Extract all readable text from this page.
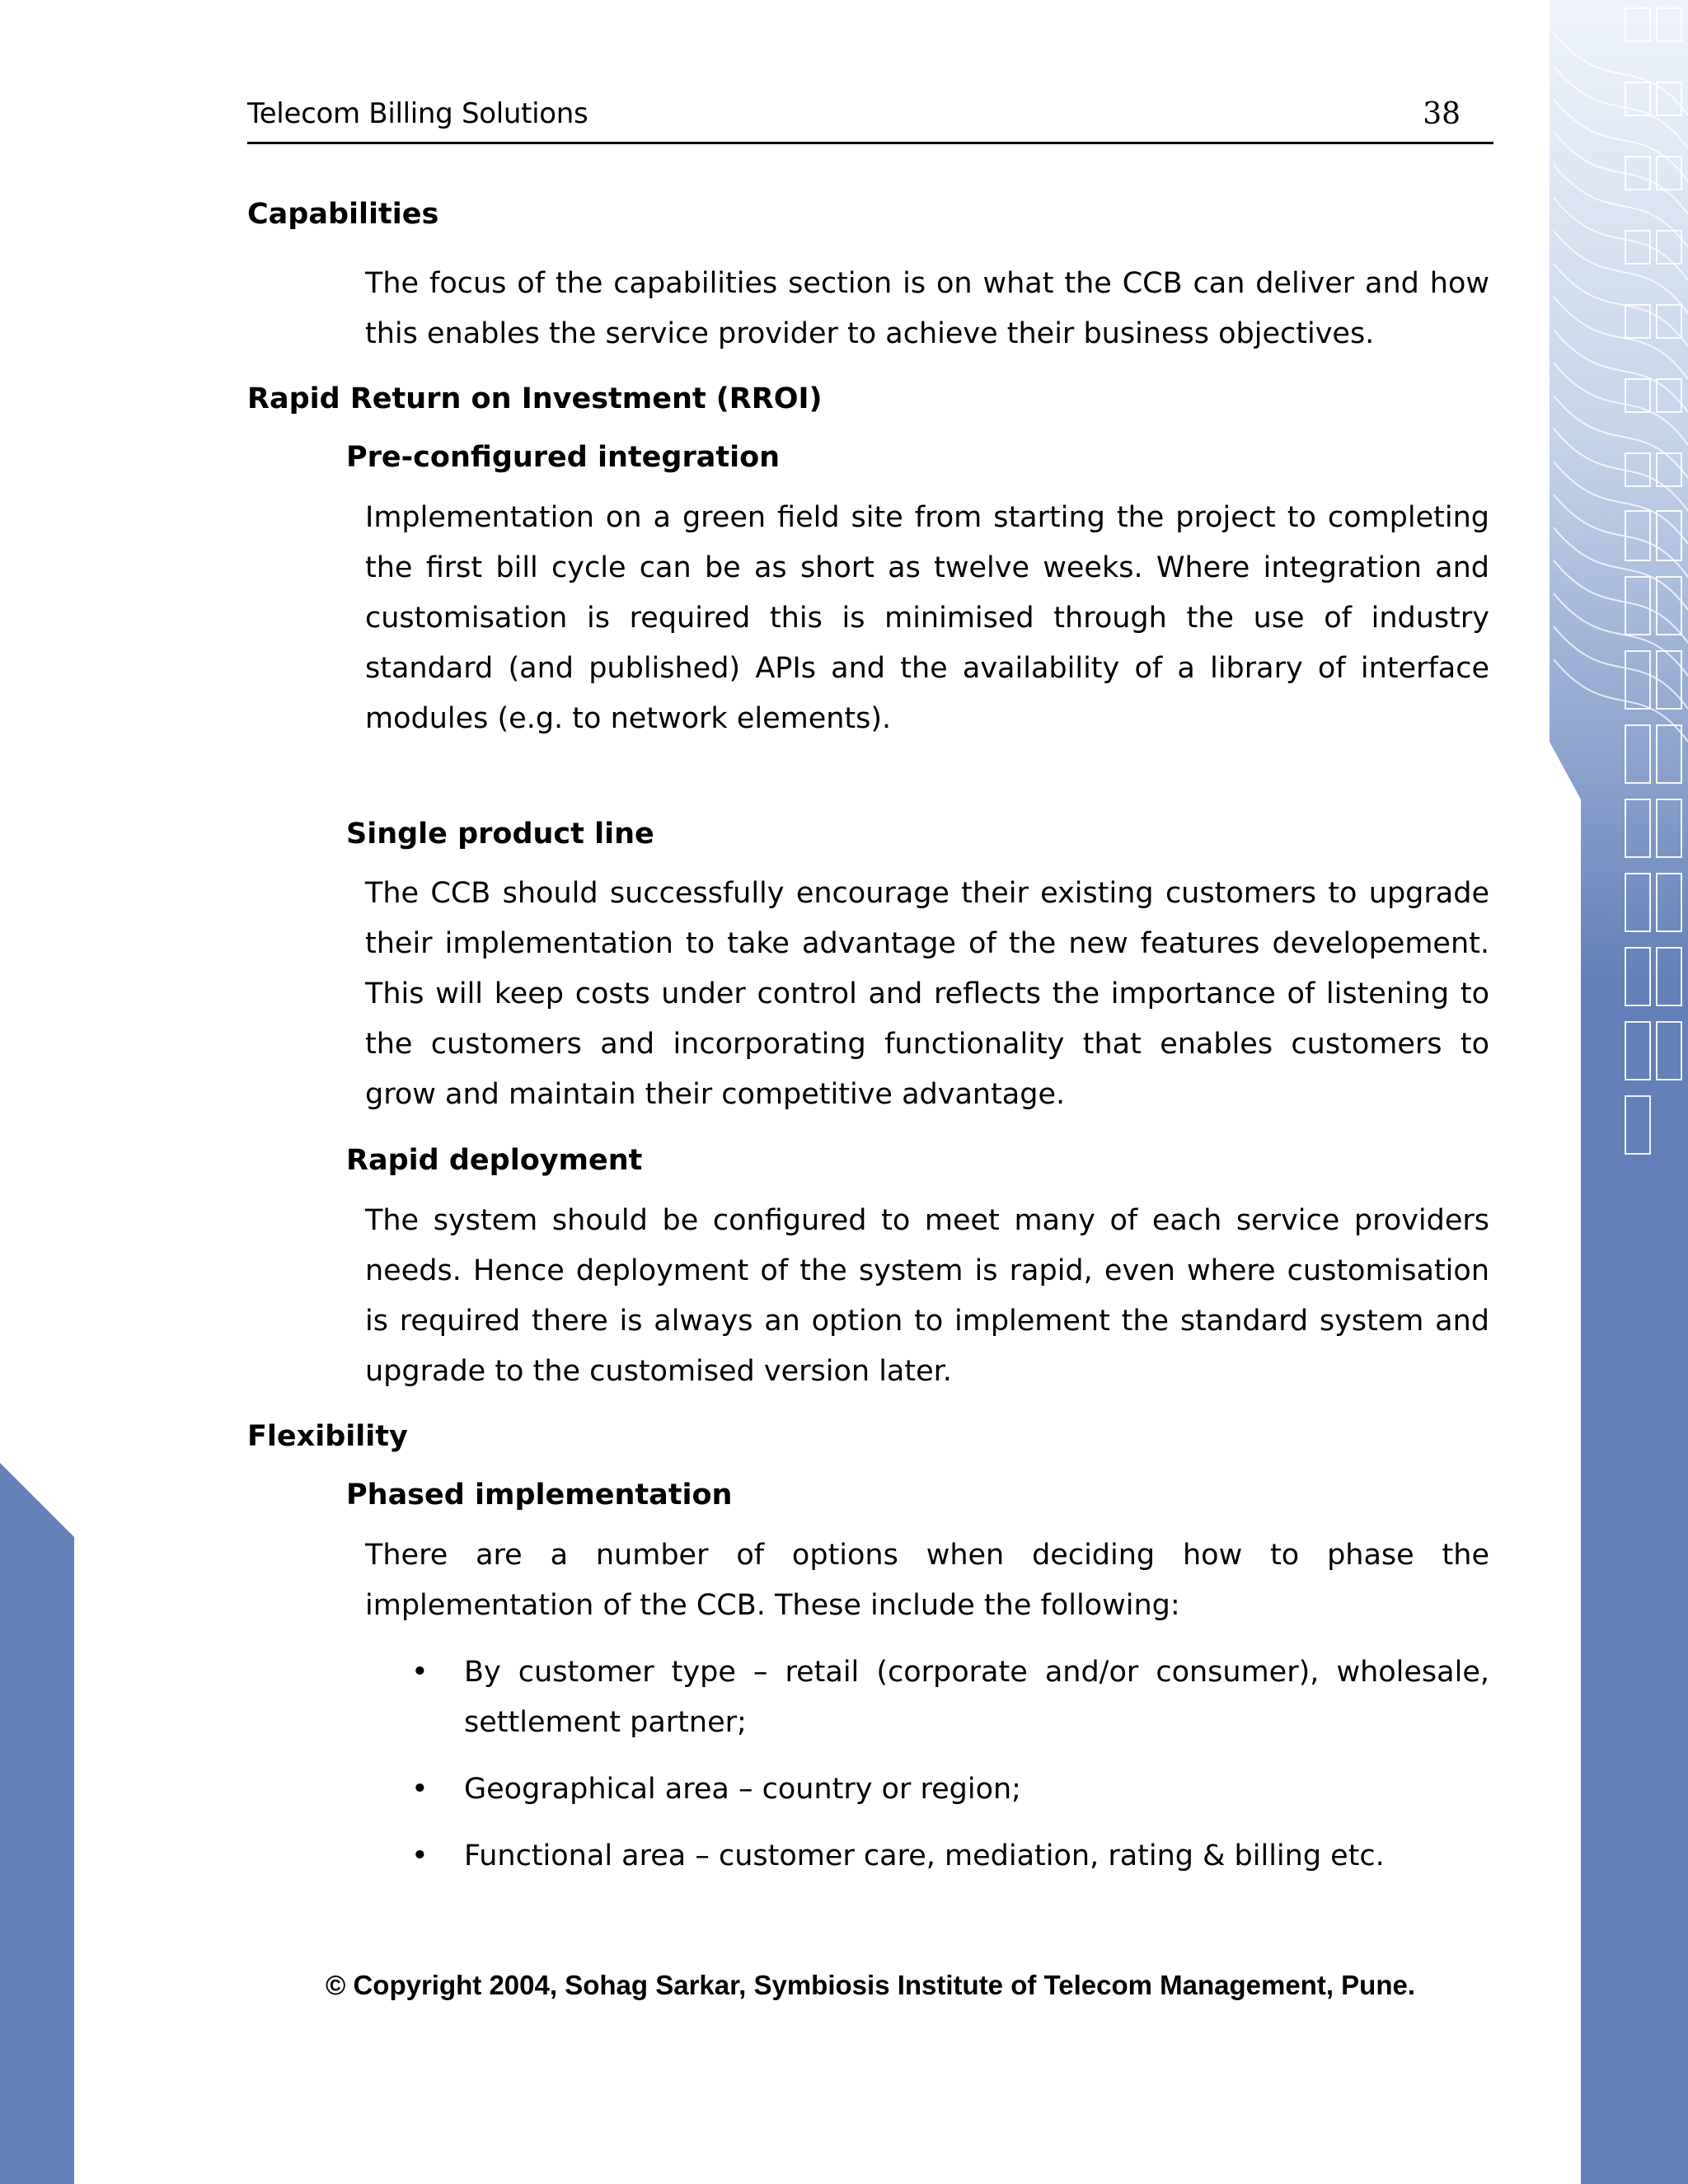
Telecom Billing Solutions	38
Capabilities
The focus of the capabilities section is on what the CCB can deliver and how this enables the service provider to achieve their business objectives.
Rapid Return on Investment (RROI)
Pre-configured integration
Implementation on a green field site from starting the project to completing the first bill cycle can be as short as twelve weeks. Where integration and customisation is required this is minimised through the use of industry standard (and published) APIs and the availability of a library of interface modules (e.g. to network elements).
Single product line
The CCB should successfully encourage their existing customers to upgrade their implementation to take advantage of the new features developement. This will keep costs under control and reflects the importance of listening to the customers and incorporating functionality that enables customers to grow and maintain their competitive advantage.
Rapid deployment
The system should be configured to meet many of each service providers needs. Hence deployment of the system is rapid, even where customisation is required there is always an option to implement the standard system and upgrade to the customised version later.
Flexibility
Phased implementation
There are a number of options when deciding how to phase the implementation of the CCB. These include the following:
• By customer type – retail (corporate and/or consumer), wholesale, settlement partner;
• Geographical area – country or region;
• Functional area – customer care, mediation, rating & billing etc.
© Copyright 2004, Sohag Sarkar, Symbiosis Institute of Telecom Management, Pune.
